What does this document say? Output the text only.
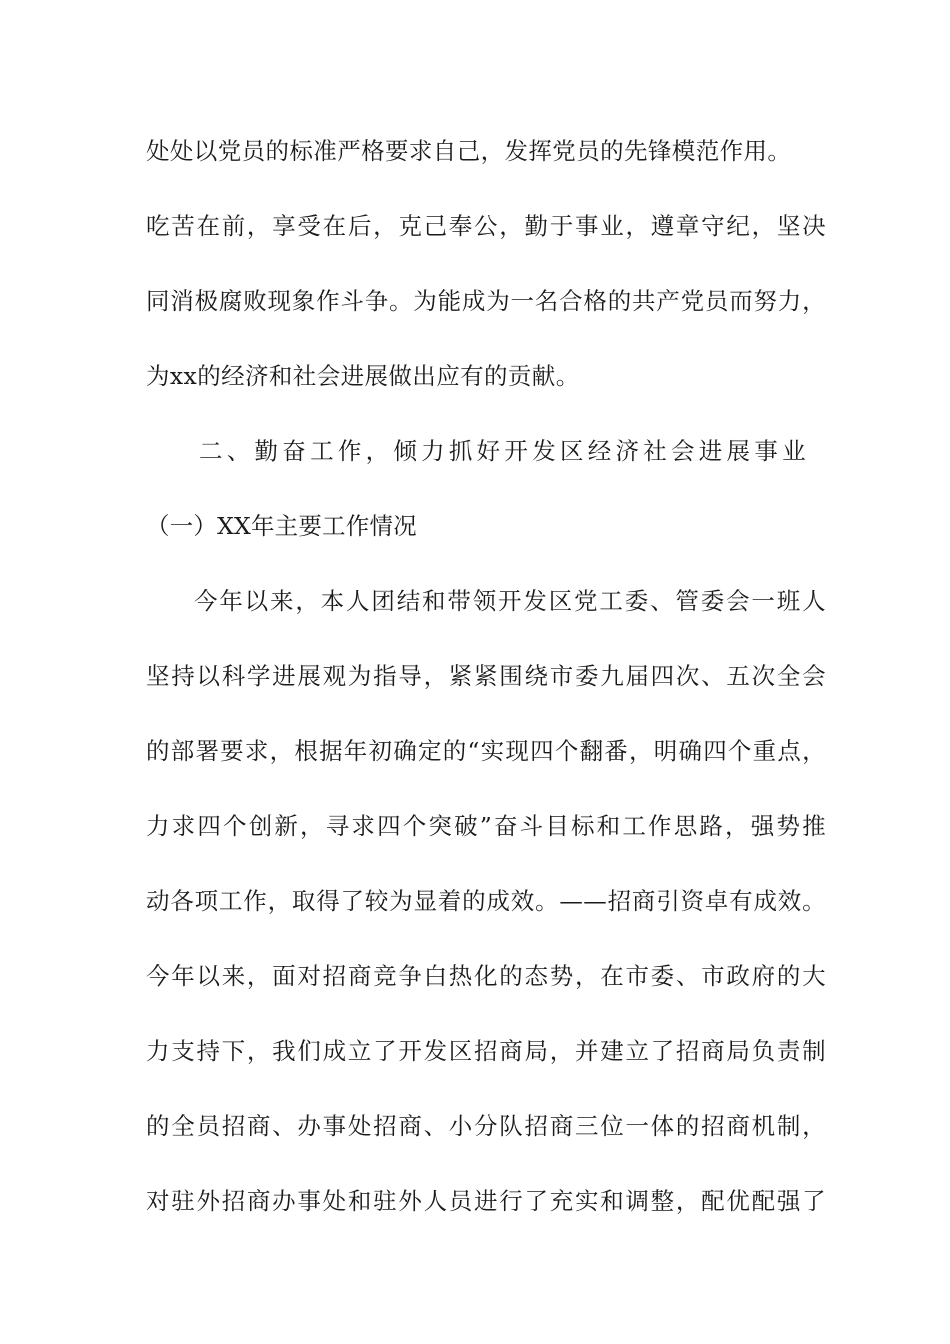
处处以党员的标准严格要求自己，发挥党员的先锋模范作用。
吃苦在前，享受在后，克己奉公，勤于事业，遵章守纪，坚决
同消极腐败现象作斗争。为能成为一名合格的共产党员而努力，
为xx的经济和社会进展做出应有的贡献。
二、勤奋工作，倾力抓好开发区经济社会进展事业
（一）XX年主要工作情况
今年以来，本人团结和带领开发区党工委、管委会一班人
坚持以科学进展观为指导，紧紧围绕市委九届四次、五次全会
的部署要求，根据年初确定的“实现四个翻番，明确四个重点，
力求四个创新，寻求四个突破”奋斗目标和工作思路，强势推
动各项工作，取得了较为显着的成效。——招商引资卓有成效。
今年以来，面对招商竞争白热化的态势，在市委、市政府的大
力支持下，我们成立了开发区招商局，并建立了招商局负责制
的全员招商、办事处招商、小分队招商三位一体的招商机制，
对驻外招商办事处和驻外人员进行了充实和调整，配优配强了
